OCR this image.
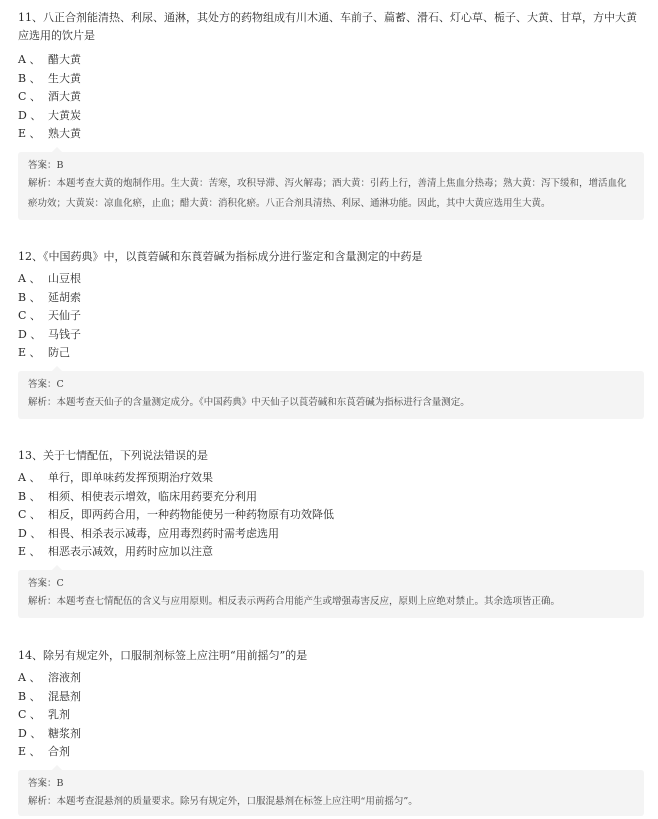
11、八正合剂能清热、利尿、通淋，其处方的药物组成有川木通、车前子、萹蓄、滑石、灯心草、栀子、大黄、甘草，方中大黄应选用的饮片是

A 、 醋大黄
B 、 生大黄
C 、 酒大黄
D 、 大黄炭
E 、 熟大黄
答案：B
解析：本题考查大黄的炮制作用。生大黄：苦寒，攻积导滞、泻火解毒；酒大黄：引药上行，善清上焦血分热毒；熟大黄：泻下缓和，增活血化瘀功效；大黄炭：凉血化瘀，止血；醋大黄：消积化瘀。八正合剂具清热、利尿、通淋功能。因此，其中大黄应选用生大黄。

12、《中国药典》中，以莨菪碱和东莨菪碱为指标成分进行鉴定和含量测定的中药是

A 、 山豆根
B 、 延胡索
C 、 天仙子
D 、 马钱子
E 、 防己
答案：C
解析：本题考查天仙子的含量测定成分。《中国药典》中天仙子以莨菪碱和东莨菪碱为指标进行含量测定。

13、关于七情配伍，下列说法错误的是

A 、 单行，即单味药发挥预期治疗效果
B 、 相须、相使表示增效，临床用药要充分利用
C 、 相反，即两药合用，一种药物能使另一种药物原有功效降低
D 、 相畏、相杀表示减毒，应用毒烈药时需考虑选用
E 、 相恶表示减效，用药时应加以注意
答案：C
解析：本题考查七情配伍的含义与应用原则。相反表示两药合用能产生或增强毒害反应，原则上应绝对禁止。其余选项皆正确。

14、除另有规定外，口服制剂标签上应注明“用前摇匀”的是

A 、 溶液剂
B 、 混悬剂
C 、 乳剂
D 、 糖浆剂
E 、 合剂
答案：B
解析：本题考查混悬剂的质量要求。除另有规定外，口服混悬剂在标签上应注明“用前摇匀”。
